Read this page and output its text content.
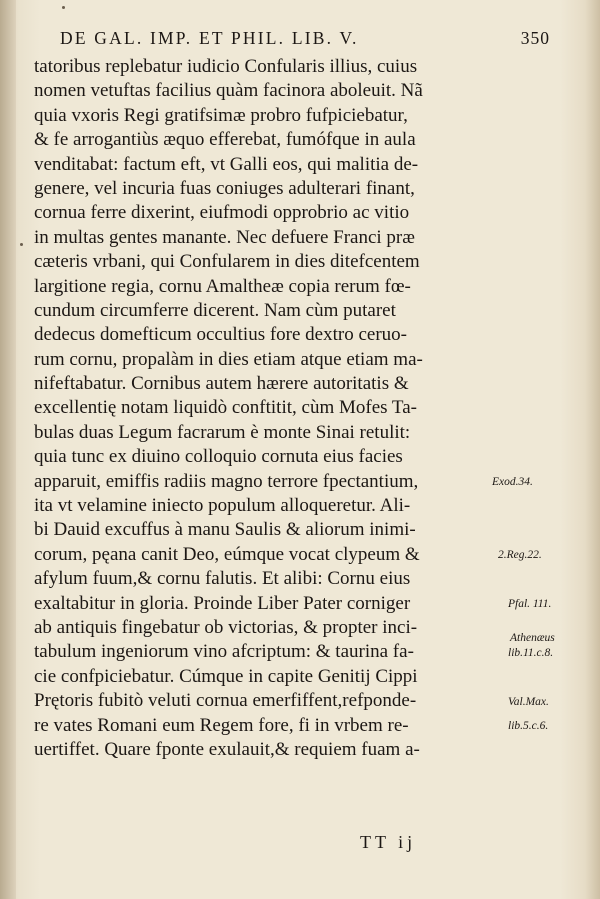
DE GAL. IMP. ET PHIL. LIB. V.	350
tatoribus replebatur iudicio Confularis illius, cuius
nomen vetuftas facilius quàm facinora aboleuit. Nã
quia vxoris Regi gratifsimæ probro fufpiciebatur,
& fe arrogantiùs æquo efferebat, fumófque in aula
venditabat: factum eft, vt Galli eos, qui malitia de-
genere, vel incuria fuas coniuges adulterari finant,
cornua ferre dixerint, eiufmodi opprobrio ac vitio
in multas gentes manante. Nec defuere Franci præ
cæteris vrbani, qui Confularem in dies ditefcentem
largitione regia, cornu Amaltheæ copia rerum fœ-
cundum circumferre dicerent. Nam cùm putaret
dedecus domefticum occultius fore dextro ceruo-
rum cornu, propalàm in dies etiam atque etiam ma-
nifeftabatur. Cornibus autem hærere autoritatis &
excellentię notam liquidò conftitit, cùm Mofes Ta-
bulas duas Legum facrarum è monte Sinai retulit:
quia tunc ex diuino colloquio cornuta eius facies
apparuit, emiffis radiis magno terrore fpectantium,
ita vt velamine iniecto populum alloqueretur. Ali-
bi Dauid excuffus à manu Saulis & aliorum inimi-
corum, pęana canit Deo, eúmque vocat clypeum &
afylum fuum,& cornu falutis. Et alibi: Cornu eius
exaltabitur in gloria. Proinde Liber Pater corniger
ab antiquis fingebatur ob victorias, & propter inci-
tabulum ingeniorum vino afcriptum: & taurina fa-
cie confpiciebatur. Cúmque in capite Genitij Cippi
Prętoris fubitò veluti cornua emerfiffent,refponde-
re vates Romani eum Regem fore, fi in vrbem re-
uertiffet. Quare fponte exulauit,& requiem fuam a-
Exod.34.
2.Reg.22.
Pfal. 111.
Athenæus
lib.11.c.8.
Val.Max.
lib.5.c.6.
TT ij
